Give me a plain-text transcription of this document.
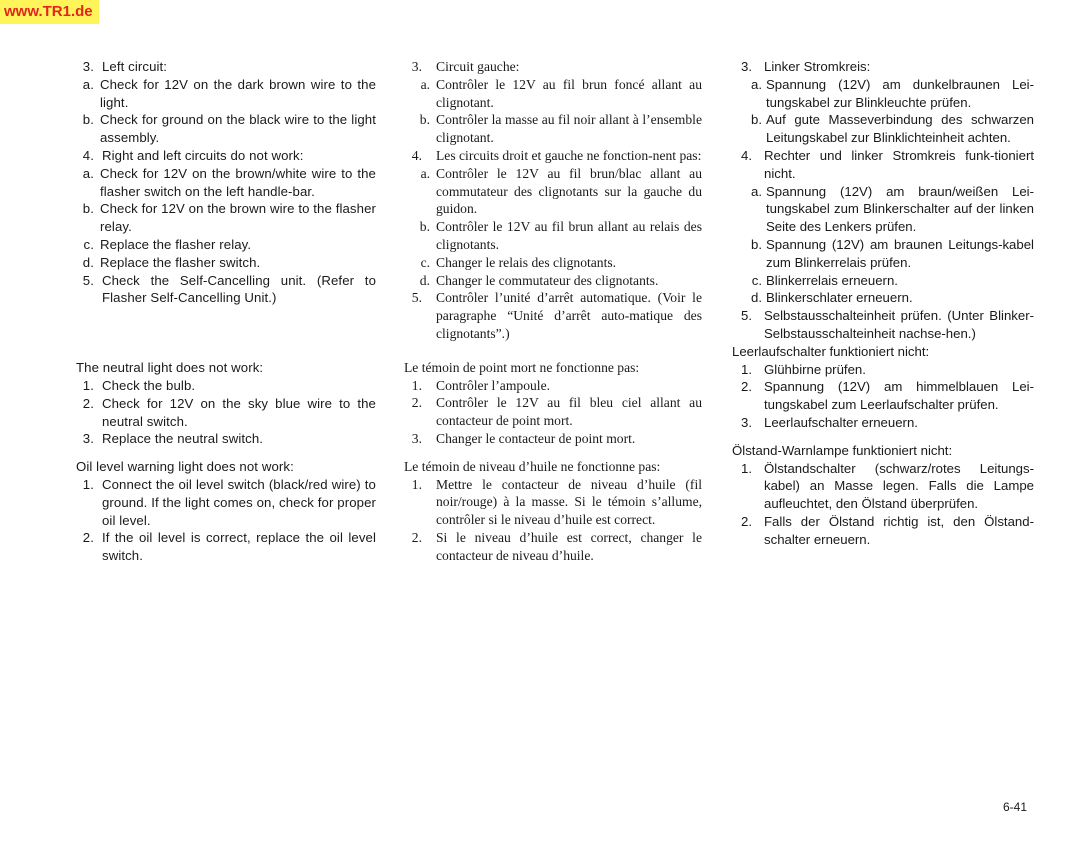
www.TR1.de
3. Left circuit:
a. Check for 12V on the dark brown wire to the light.
b. Check for ground on the black wire to the light assembly.
4. Right and left circuits do not work:
a. Check for 12V on the brown/white wire to the flasher switch on the left handle-bar.
b. Check for 12V on the brown wire to the flasher relay.
c. Replace the flasher relay.
d. Replace the flasher switch.
5. Check the Self-Cancelling unit. (Refer to Flasher Self-Cancelling Unit.)
The neutral light does not work:
1. Check the bulb.
2. Check for 12V on the sky blue wire to the neutral switch.
3. Replace the neutral switch.
Oil level warning light does not work:
1. Connect the oil level switch (black/red wire) to ground. If the light comes on, check for proper oil level.
2. If the oil level is correct, replace the oil level switch.
3. Circuit gauche:
a. Contrôler le 12V au fil brun foncé allant au clignotant.
b. Contrôler la masse au fil noir allant à l’ensemble clignotant.
4. Les circuits droit et gauche ne fonction-nent pas:
a. Contrôler le 12V au fil brun/blac allant au commutateur des clignotants sur la gauche du guidon.
b. Contrôler le 12V au fil brun allant au relais des clignotants.
c. Changer le relais des clignotants.
d. Changer le commutateur des clignotants.
5. Contrôler l’unité d’arrêt automatique. (Voir le paragraphe “Unité d’arrêt auto-matique des clignotants”.)
Le témoin de point mort ne fonctionne pas:
1. Contrôler l’ampoule.
2. Contrôler le 12V au fil bleu ciel allant au contacteur de point mort.
3. Changer le contacteur de point mort.
Le témoin de niveau d’huile ne fonctionne pas:
1. Mettre le contacteur de niveau d’huile (fil noir/rouge) à la masse. Si le témoin s’allume, contrôler si le niveau d’huile est correct.
2. Si le niveau d’huile est correct, changer le contacteur de niveau d’huile.
3. Linker Stromkreis:
a. Spannung (12V) am dunkelbraunen Lei-tungskabel zur Blinkleuchte prüfen.
b. Auf gute Masseverbindung des schwarzen Leitungskabel zur Blinklichteinheit achten.
4. Rechter und linker Stromkreis funk-tioniert nicht.
a. Spannung (12V) am braun/weißen Lei-tungskabel zum Blinkerschalter auf der linken Seite des Lenkers prüfen.
b. Spannung (12V) am braunen Leitungs-kabel zum Blinkerrelais prüfen.
c. Blinkerrelais erneuern.
d. Blinkerschlater erneuern.
5. Selbstausschalteinheit prüfen. (Unter Blinker-Selbstausschalteinheit nachse-hen.)
Leerlaufschalter funktioniert nicht:
1. Glühbirne prüfen.
2. Spannung (12V) am himmelblauen Lei-tungskabel zum Leerlaufschalter prüfen.
3. Leerlaufschalter erneuern.
Ölstand-Warnlampe funktioniert nicht:
1. Ölstandschalter (schwarz/rotes Leitungs-kabel) an Masse legen. Falls die Lampe aufleuchtet, den Ölstand überprüfen.
2. Falls der Ölstand richtig ist, den Ölstand-schalter erneuern.
6-41
